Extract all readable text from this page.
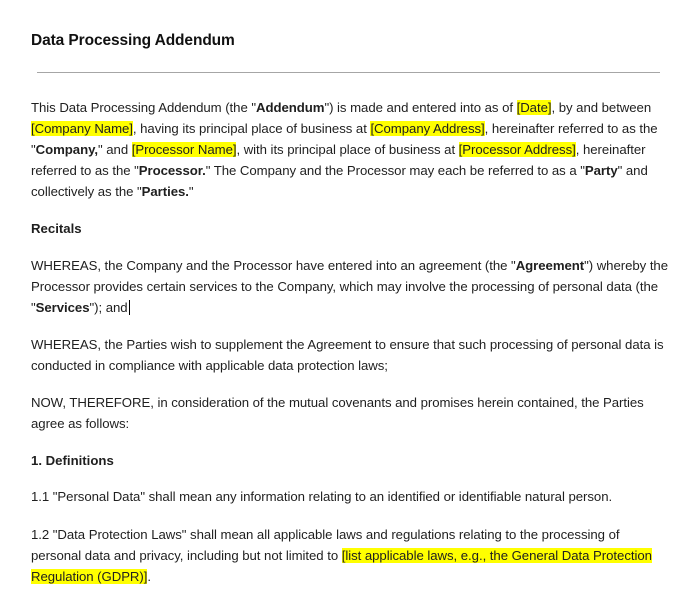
Data Processing Addendum

This Data Processing Addendum (the "Addendum") is made and entered into as of [Date], by and between [Company Name], having its principal place of business at [Company Address], hereinafter referred to as the "Company," and [Processor Name], with its principal place of business at [Processor Address], hereinafter referred to as the "Processor." The Company and the Processor may each be referred to as a "Party" and collectively as the "Parties."

Recitals

WHEREAS, the Company and the Processor have entered into an agreement (the "Agreement") whereby the Processor provides certain services to the Company, which may involve the processing of personal data (the "Services"); and

WHEREAS, the Parties wish to supplement the Agreement to ensure that such processing of personal data is conducted in compliance with applicable data protection laws;

NOW, THEREFORE, in consideration of the mutual covenants and promises herein contained, the Parties agree as follows:

1. Definitions

1.1 "Personal Data" shall mean any information relating to an identified or identifiable natural person.

1.2 "Data Protection Laws" shall mean all applicable laws and regulations relating to the processing of personal data and privacy, including but not limited to [list applicable laws, e.g., the General Data Protection Regulation (GDPR)].
